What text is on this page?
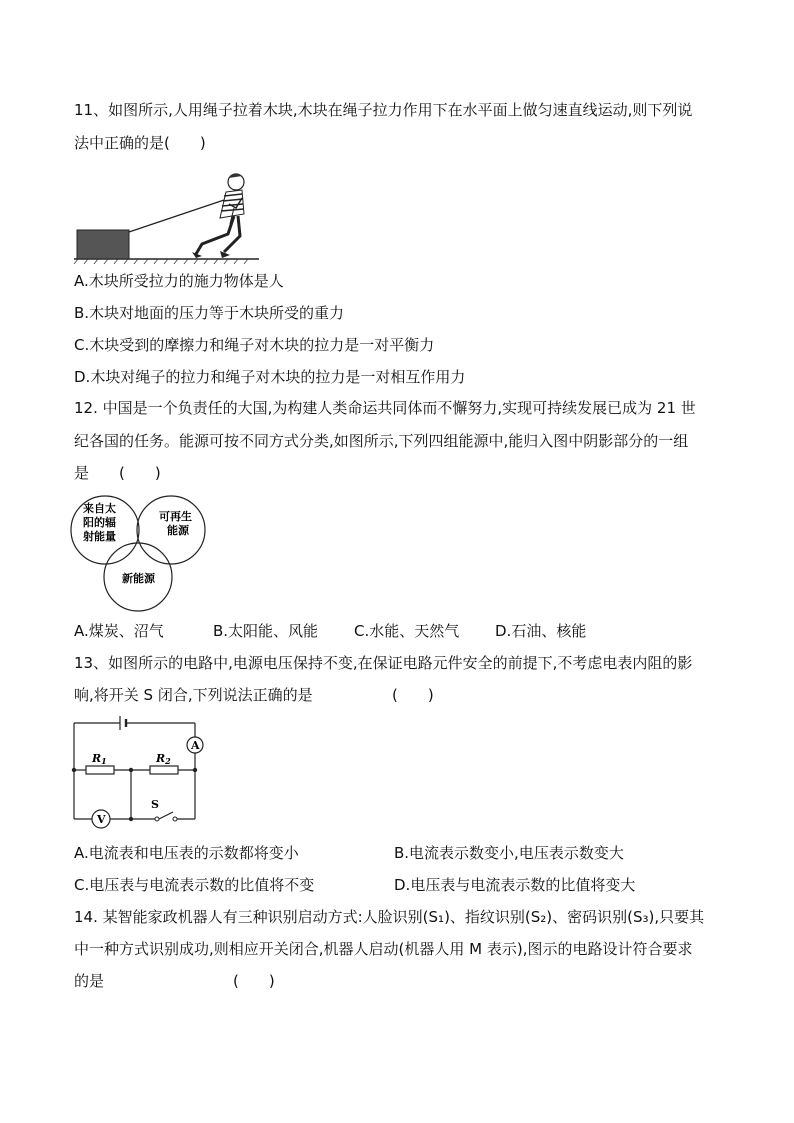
11、如图所示,人用绳子拉着木块,木块在绳子拉力作用下在水平面上做匀速直线运动,则下列说
法中正确的是(　　)
A.木块所受拉力的施力物体是人
B.木块对地面的压力等于木块所受的重力
C.木块受到的摩擦力和绳子对木块的拉力是一对平衡力
D.木块对绳子的拉力和绳子对木块的拉力是一对相互作用力
12. 中国是一个负责任的大国,为构建人类命运共同体而不懈努力,实现可持续发展已成为 21 世
纪各国的任务。能源可按不同方式分类,如图所示,下列四组能源中,能归入图中阴影部分的一组
是　　(　　)
来自太
阳的辐
射能量
可再生
能源
新能源
A.煤炭、沼气	B.太阳能、风能 C.水能、天然气 D.石油、核能
13、如图所示的电路中,电源电压保持不变,在保证电路元件安全的前提下,不考虑电表内阻的影
响,将开关 S 闭合,下列说法正确的是	(　　)
A
V
R1	R2
S
A.电流表和电压表的示数都将变小	B.电流表示数变小,电压表示数变大
C.电压表与电流表示数的比值将不变	D.电压表与电流表示数的比值将变大
14. 某智能家政机器人有三种识别启动方式:人脸识别(S₁)、指纹识别(S₂)、密码识别(S₃),只要其
中一种方式识别成功,则相应开关闭合,机器人启动(机器人用 M 表示),图示的电路设计符合要求
的是	(　　)
